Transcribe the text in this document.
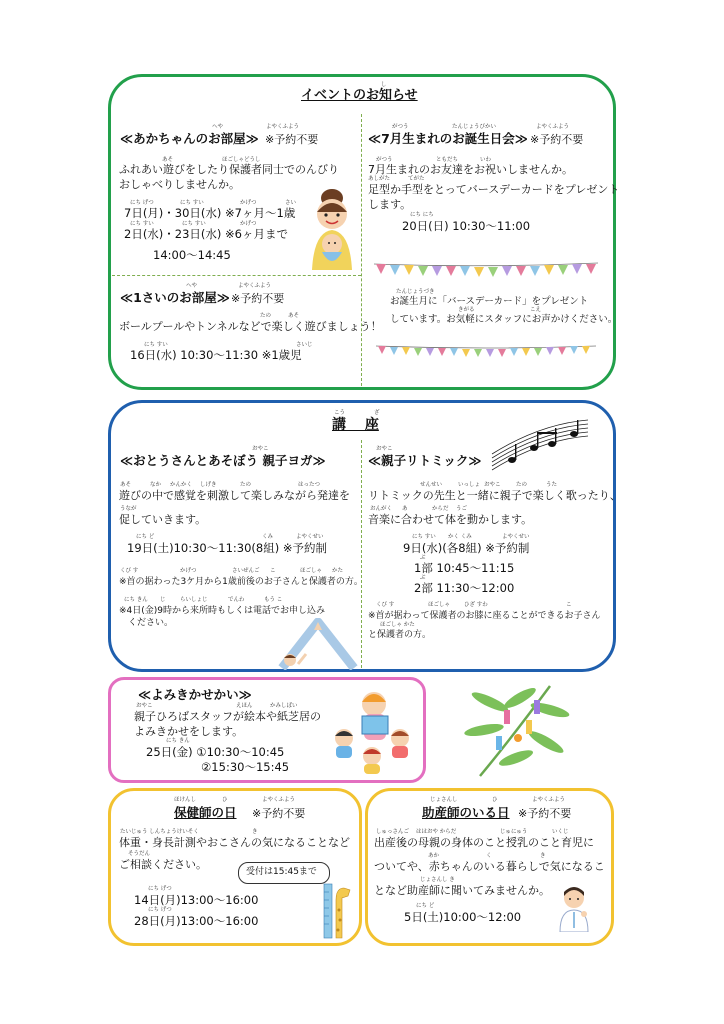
イベントのお知らせ
し
へや	よやくふよう
≪あかちゃんのお部屋≫ ※予約不要
あそ	ほごしゃどうし
ふれあい遊びをしたり保護者同士でのんびり
おしゃべりしませんか。
にち げつ	にち すい	かげつ	さい
7日(月)・30日(水) ※7ヶ月～1歳
にち すい	にち すい	かげつ
2日(水)・23日(水) ※6ヶ月まで
14:00～14:45
へや	よやくふよう
≪1さいのお部屋≫ ※予約不要
たの	あそ
ボールプールやトンネルなどで楽しく遊びましょう！
にち すい	さいじ
16日(水) 10:30～11:30 ※1歳児
がつう	たんじょうびかい	よやくふよう
≪7月生まれのお誕生日会≫ ※予約不要
がつう	ともだち	いわ
7月生まれのお友達をお祝いしませんか。
あしがた	てがた
足型か手型をとってバースデーカードをプレゼント
します。
にち にち
20日(日) 10:30～11:00
たんじょうづき
お誕生月に「バースデーカード」をプレゼント
きがる	こえ
しています。お気軽にスタッフにお声かけください。
こう	ざ
講 座
おやこ
≪おとうさんとあそぼう 親子ヨガ≫
あそ	なか かんかく しげき	たの	はったつ
遊びの中で感覚を刺激して楽しみながら発達を
うなが
促していきます。
にち ど	くみ	よやくせい
19日(土)10:30～11:30(8組) ※予約制
くび す	かげつ	さいぜんご こ	ほごしゃ かた
※首の据わった3ケ月から1歳前後のお子さんと保護者の方。
にち きん じ	らいしょじ	でんわ	もう こ
※4日(金)9時から来所時もしくは電話でお申し込み
ください。
おやこ
≪親子リトミック≫
せんせい	いっしょ おやこ	たの	うた
リトミックの先生と一緒に親子で楽しく歌ったり、
おんがく あ	からだ うご
音楽に合わせて体を動かします。
にち すい かく くみ	よやくせい
9日(水)(各8組) ※予約制
ぶ
1部 10:45～11:15
ぶ
2部 11:30～12:00
くび す	ほごしゃ	ひざ すわ	こ
※首が据わって保護者のお膝に座ることができるお子さん
ほごしゃ かた
と保護者の方。
≪よみきかせかい≫
おやこ	えほん	かみしばい
親子ひろばスタッフが絵本や紙芝居の
よみきかせをします。
にち きん
25日(金) ①10:30～10:45
②15:30～15:45
ほけんし	ひ	よやくふよう
保健師の日 ※予約不要
たいじゅう しんちょうけいそく	き
体重・身長計測やおこさんの気になることなど
そうだん
ご相談ください。
受付は15:45まで
にち げつ
14日(月)13:00～16:00
にち げつ
28日(月)13:00～16:00
じょさんし	ひ	よやくふよう
助産師のいる日 ※予約不要
しゅっさんご ははおや からだ	じゅにゅう	いくじ
出産後の母親の身体のこと授乳のこと育児に
あか	く	き
ついてや、赤ちゃんのいる暮らしで気になるこ
じょさんし き
となど助産師に聞いてみませんか。
にち ど
5日(土)10:00～12:00
